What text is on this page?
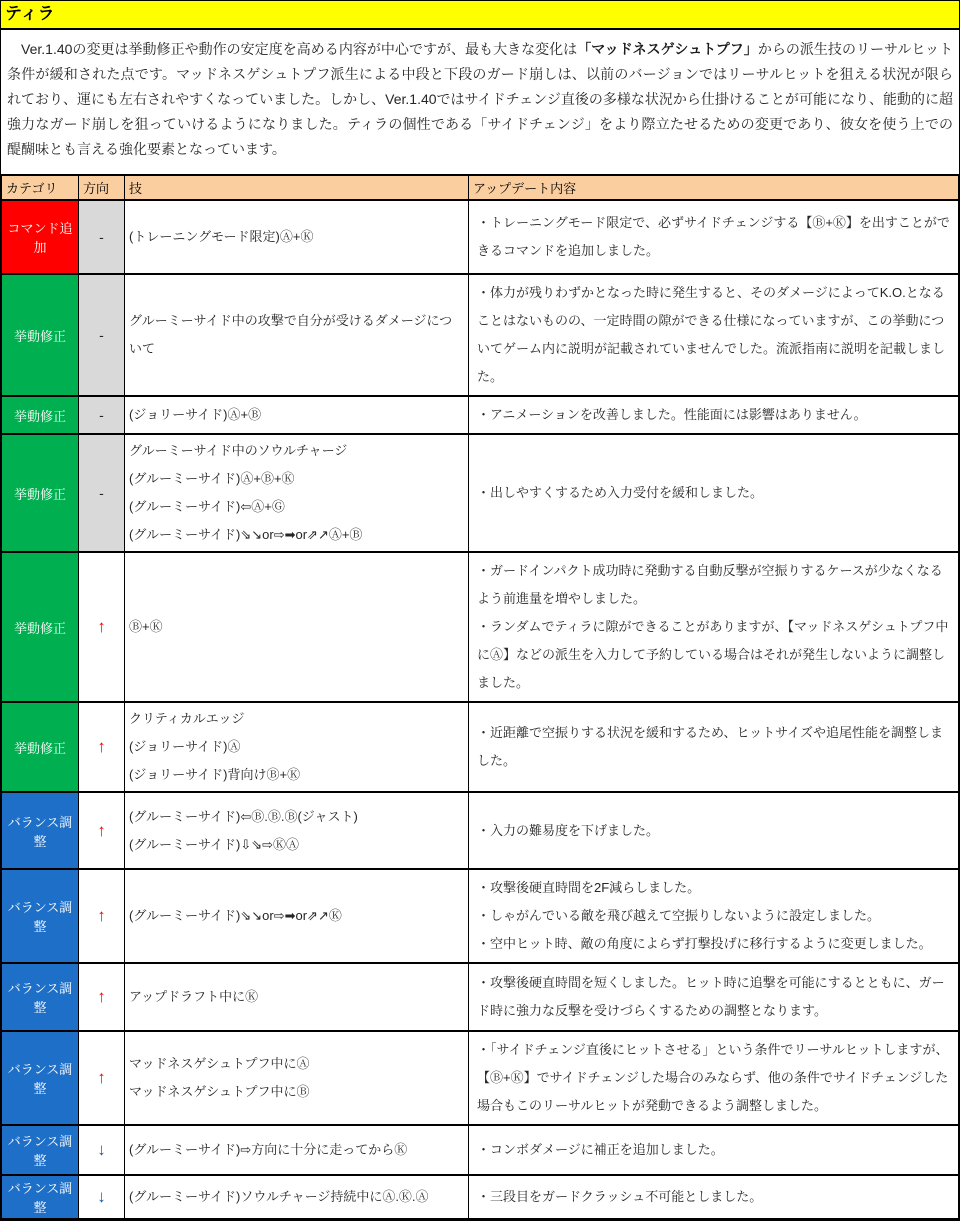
ティラ
　Ver.1.40の変更は挙動修正や動作の安定度を高める内容が中心ですが、最も大きな変化は「マッドネスゲシュトプフ」からの派生技のリーサルヒット条件が緩和された点です。マッドネスゲシュトプフ派生による中段と下段のガード崩しは、以前のバージョンではリーサルヒットを狙える状況が限られており、運にも左右されやすくなっていました。しかし、Ver.1.40ではサイドチェンジ直後の多様な状況から仕掛けることが可能になり、能動的に超強力なガード崩しを狙っていけるようになりました。ティラの個性である「サイドチェンジ」をより際立たせるための変更であり、彼女を使う上での醍醐味とも言える強化要素となっています。
カテゴリ	方向	技	アップデート内容
コマンド追加	-	(トレーニングモード限定)Ⓐ+Ⓚ	・トレーニングモード限定で、必ずサイドチェンジする【Ⓑ+Ⓚ】を出すことができるコマンドを追加しました。

挙動修正	-	グルーミーサイド中の攻撃で自分が受けるダメージについて	・体力が残りわずかとなった時に発生すると、そのダメージによってK.O.となることはないものの、一定時間の隙ができる仕様になっていますが、この挙動についてゲーム内に説明が記載されていませんでした。流派指南に説明を記載しました。

挙動修正	-	(ジョリーサイド)Ⓐ+Ⓑ	・アニメーションを改善しました。性能面には影響はありません。

挙動修正	-	グルーミーサイド中のソウルチャージ
(グルーミーサイド)Ⓐ+Ⓑ+Ⓚ
(グルーミーサイド)⇦Ⓐ+Ⓖ
(グルーミーサイド)⇘↘or⇨➡or⇗↗Ⓐ+Ⓑ	・出しやすくするため入力受付を緩和しました。

挙動修正	↑	Ⓑ+Ⓚ	・ガードインパクト成功時に発動する自動反撃が空振りするケースが少なくなるよう前進量を増やしました。
・ランダムでティラに隙ができることがありますが、【マッドネスゲシュトプフ中にⒶ】などの派生を入力して予約している場合はそれが発生しないように調整しました。

挙動修正	↑	クリティカルエッジ
(ジョリーサイド)Ⓐ
(ジョリーサイド)背向けⒷ+Ⓚ	・近距離で空振りする状況を緩和するため、ヒットサイズや追尾性能を調整しました。

バランス調整	↑	(グルーミーサイド)⇦Ⓑ.Ⓑ.Ⓑ(ジャスト)
(グルーミーサイド)⇩⇘⇨ⓀⒶ	・入力の難易度を下げました。

バランス調整	↑	(グルーミーサイド)⇘↘or⇨➡or⇗↗Ⓚ	・攻撃後硬直時間を2F減らしました。
・しゃがんでいる敵を飛び越えて空振りしないように設定しました。
・空中ヒット時、敵の角度によらず打撃投げに移行するように変更しました。

バランス調整	↑	アップドラフト中にⓀ	・攻撃後硬直時間を短くしました。ヒット時に追撃を可能にするとともに、ガード時に強力な反撃を受けづらくするための調整となります。

バランス調整	↑	マッドネスゲシュトプフ中にⒶ
マッドネスゲシュトプフ中にⒷ	・「サイドチェンジ直後にヒットさせる」という条件でリーサルヒットしますが、【Ⓑ+Ⓚ】でサイドチェンジした場合のみならず、他の条件でサイドチェンジした場合もこのリーサルヒットが発動できるよう調整しました。

バランス調整	↓	(グルーミーサイド)⇨方向に十分に走ってからⓀ	・コンボダメージに補正を追加しました。

バランス調整	↓	(グルーミーサイド)ソウルチャージ持続中にⒶ.Ⓚ.Ⓐ	・三段目をガードクラッシュ不可能としました。
